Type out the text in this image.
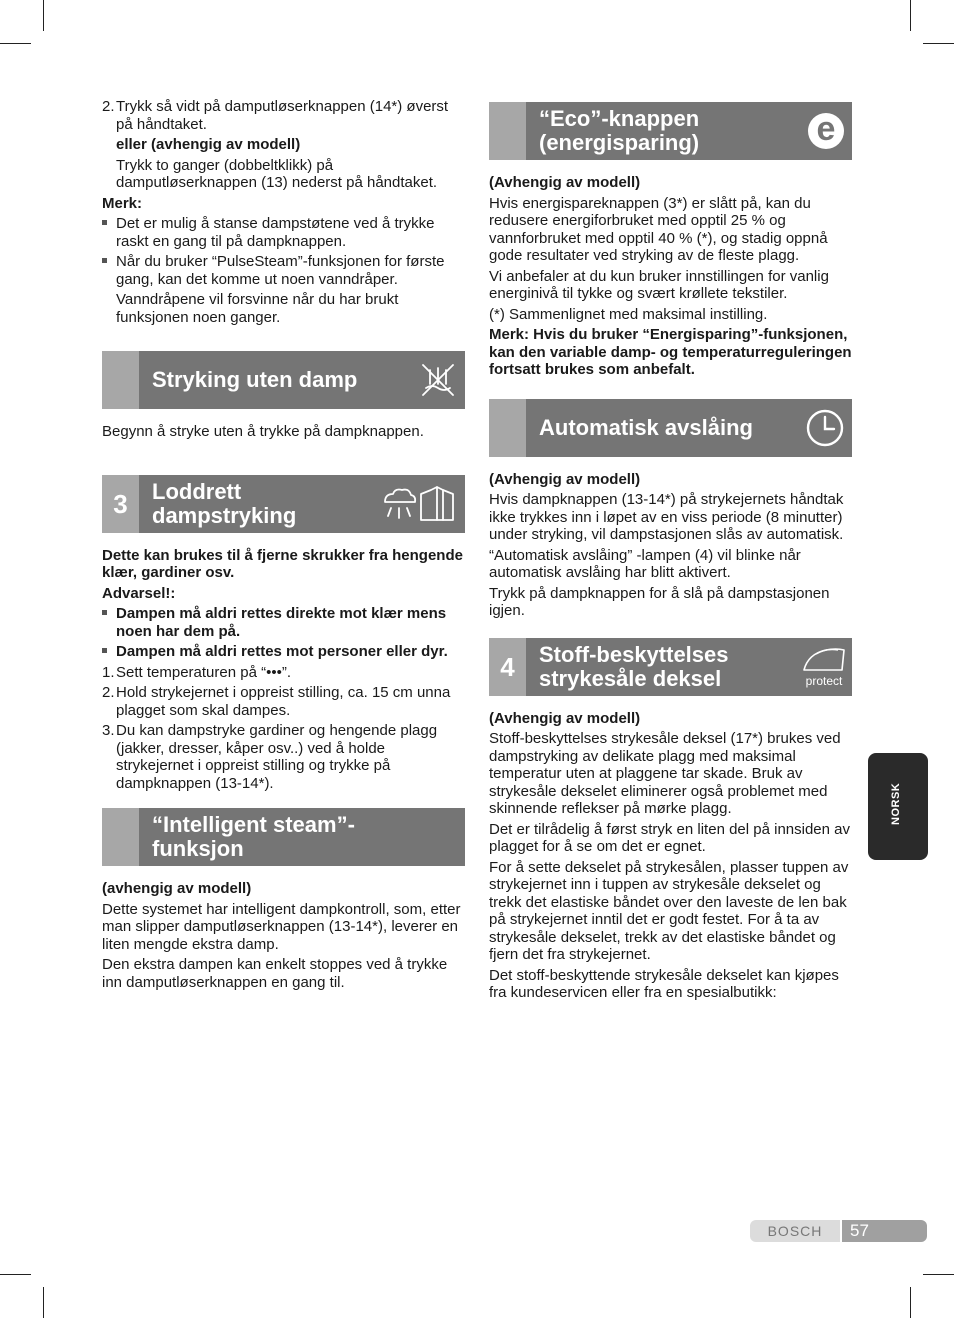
2. Trykk så vidt på damputløserknappen (14*) øverst på håndtaket.

eller (avhengig av modell)

Trykk to ganger (dobbeltklikk) på damputløserknappen (13) nederst på håndtaket.

Merk:

Det er mulig å stanse dampstøtene ved å trykke raskt en gang til på dampknappen.
Når du bruker “PulseSteam”-funksjonen for første gang, kan det komme ut noen vanndråper.

Vanndråpene vil forsvinne når du har brukt funksjonen noen ganger.

Stryking uten damp

Begynn å stryke uten å trykke på dampknappen.

3	Loddrett dampstryking

Dette kan brukes til å fjerne skrukker fra hengende klær, gardiner osv.

Advarsel!:

Dampen må aldri rettes direkte mot klær mens noen har dem på.
Dampen må aldri rettes mot personer eller dyr.
1. Sett temperaturen på “•••”.
2. Hold strykejernet i oppreist stilling, ca. 15 cm unna plagget som skal dampes.
3. Du kan dampstryke gardiner og hengende plagg (jakker, dresser, kåper osv..) ved å holde strykejernet i oppreist stilling og trykke på dampknappen (13-14*).
“Intelligent steam”-funksjon

(avhengig av modell)

Dette systemet har intelligent dampkontroll, som, etter man slipper damputløserknappen (13-14*), leverer en liten mengde ekstra damp.

Den ekstra dampen kan enkelt stoppes ved å trykke inn damputløserknappen en gang til.

“Eco”-knappen (energisparing)	e

(Avhengig av modell)

Hvis energispareknappen (3*) er slått på, kan du redusere energiforbruket med opptil 25 % og vannforbruket med opptil 40 % (*), og stadig oppnå gode resultater ved stryking av de fleste plagg.

Vi anbefaler at du kun bruker innstillingen for vanlig energinivå til tykke og svært krøllete tekstiler.

(*) Sammenlignet med maksimal instilling.

Merk: Hvis du bruker “Energisparing”-funksjonen, kan den variable damp- og temperaturreguleringen fortsatt brukes som anbefalt.

Automatisk avslåing

(Avhengig av modell)

Hvis dampknappen (13-14*) på strykejernets håndtak ikke trykkes inn i løpet av en viss periode (8 minutter) under stryking, vil dampstasjonen slås av automatisk.

“Automatisk avslåing” -lampen (4) vil blinke når automatisk avslåing har blitt aktivert.

Trykk på dampknappen for å slå på dampstasjonen igjen.

4	Stoff-beskyttelses strykesåle deksel	protect

(Avhengig av modell)

Stoff-beskyttelses strykesåle deksel (17*) brukes ved dampstryking av delikate plagg med maksimal temperatur uten at plaggene tar skade. Bruk av strykesåle dekselet eliminerer også problemet med skinnende reflekser på mørke plagg.

Det er tilrådelig å først stryk en liten del på innsiden av plagget for å se om det er egnet.

For å sette dekselet på strykesålen, plasser tuppen av strykejernet inn i tuppen av strykesåle dekselet og trekk det elastiske båndet over den laveste de len bak på strykejernet inntil det er godt festet. For å ta av strykesåle dekselet, trekk av det elastiske båndet og fjern det fra strykejernet.

Det stoff-beskyttende strykesåle dekselet kan kjøpes fra kundeservicen eller fra en spesialbutikk:

NORSK
BOSCH	57
